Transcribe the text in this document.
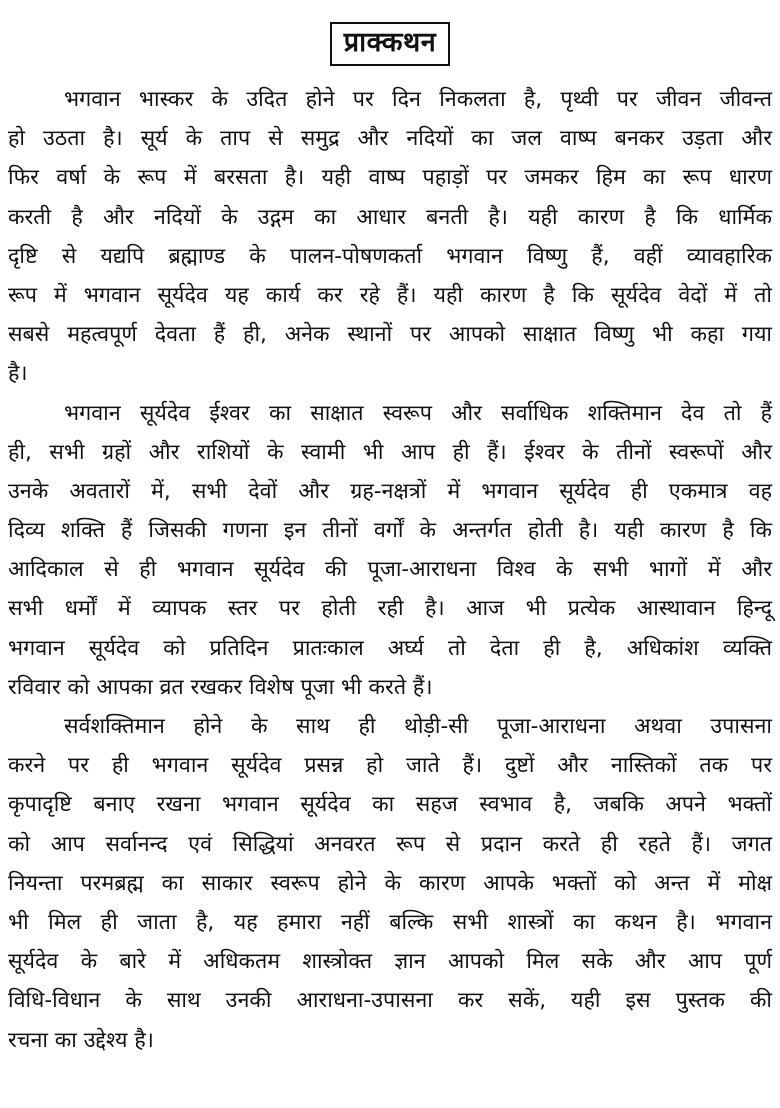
प्राक्कथन
भगवान भास्कर के उदित होने पर दिन निकलता है, पृथ्वी पर जीवन जीवन्त
हो उठता है। सूर्य के ताप से समुद्र और नदियों का जल वाष्प बनकर उड़ता और
फिर वर्षा के रूप में बरसता है। यही वाष्प पहाड़ों पर जमकर हिम का रूप धारण
करती है और नदियों के उद्गम का आधार बनती है। यही कारण है कि धार्मिक
दृष्टि से यद्यपि ब्रह्माण्ड के पालन-पोषणकर्ता भगवान विष्णु हैं, वहीं व्यावहारिक
रूप में भगवान सूर्यदेव यह कार्य कर रहे हैं। यही कारण है कि सूर्यदेव वेदों में तो
सबसे महत्वपूर्ण देवता हैं ही, अनेक स्थानों पर आपको साक्षात विष्णु भी कहा गया
है।
भगवान सूर्यदेव ईश्वर का साक्षात स्वरूप और सर्वाधिक शक्तिमान देव तो हैं
ही, सभी ग्रहों और राशियों के स्वामी भी आप ही हैं। ईश्वर के तीनों स्वरूपों और
उनके अवतारों में, सभी देवों और ग्रह-नक्षत्रों में भगवान सूर्यदेव ही एकमात्र वह
दिव्य शक्ति हैं जिसकी गणना इन तीनों वर्गों के अन्तर्गत होती है। यही कारण है कि
आदिकाल से ही भगवान सूर्यदेव की पूजा-आराधना विश्व के सभी भागों में और
सभी धर्मों में व्यापक स्तर पर होती रही है। आज भी प्रत्येक आस्थावान हिन्दू
भगवान सूर्यदेव को प्रतिदिन प्रातःकाल अर्घ्य तो देता ही है, अधिकांश व्यक्ति
रविवार को आपका व्रत रखकर विशेष पूजा भी करते हैं।
सर्वशक्तिमान होने के साथ ही थोड़ी-सी पूजा-आराधना अथवा उपासना
करने पर ही भगवान सूर्यदेव प्रसन्न हो जाते हैं। दुष्टों और नास्तिकों तक पर
कृपादृष्टि बनाए रखना भगवान सूर्यदेव का सहज स्वभाव है, जबकि अपने भक्तों
को आप सर्वानन्द एवं सिद्धियां अनवरत रूप से प्रदान करते ही रहते हैं। जगत
नियन्ता परमब्रह्म का साकार स्वरूप होने के कारण आपके भक्तों को अन्त में मोक्ष
भी मिल ही जाता है, यह हमारा नहीं बल्कि सभी शास्त्रों का कथन है। भगवान
सूर्यदेव के बारे में अधिकतम शास्त्रोक्त ज्ञान आपको मिल सके और आप पूर्ण
विधि-विधान के साथ उनकी आराधना-उपासना कर सकें, यही इस पुस्तक की
रचना का उद्देश्य है।
